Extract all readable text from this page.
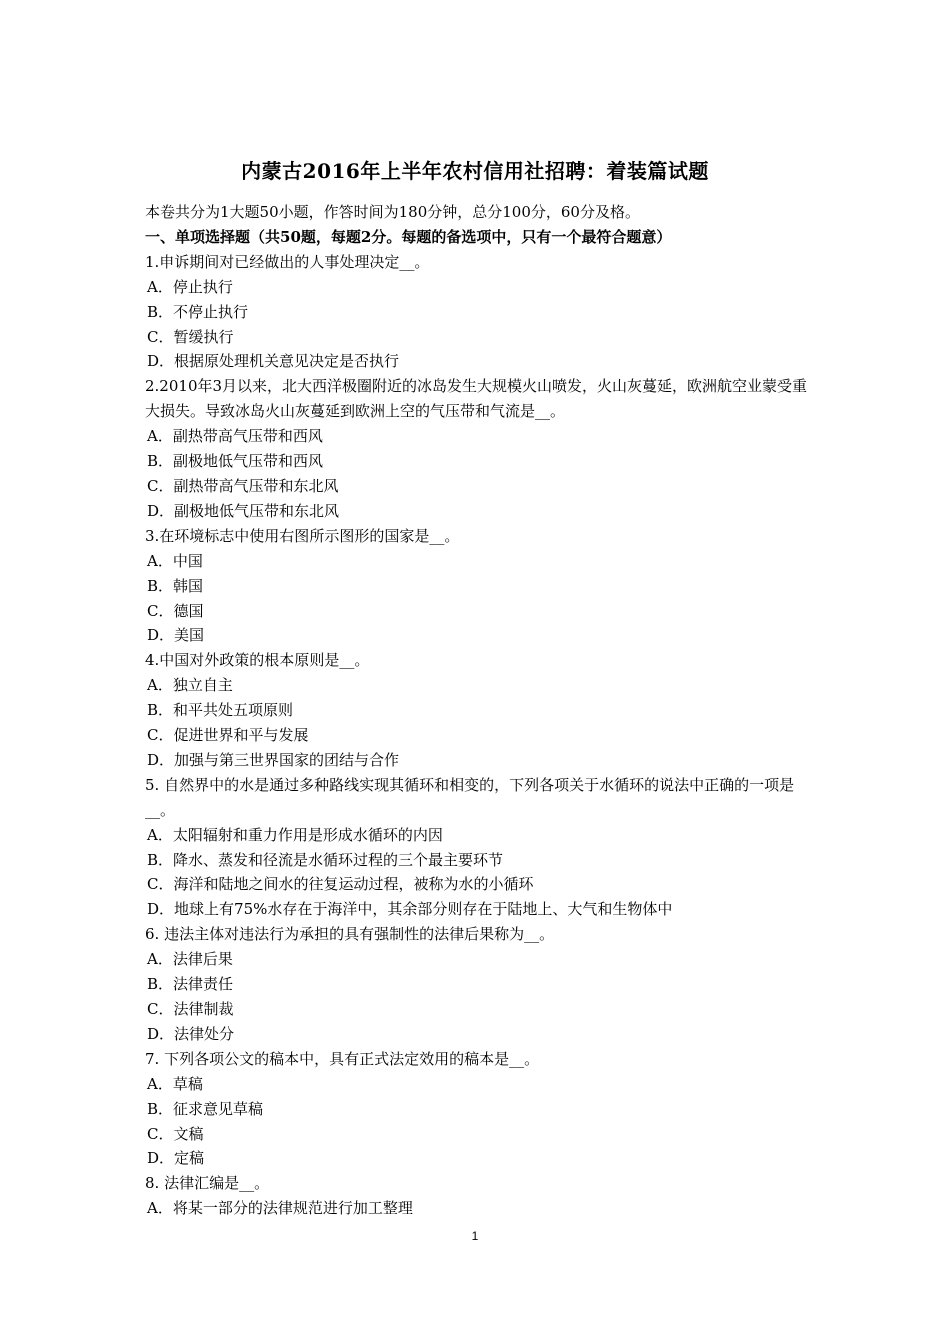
内蒙古2016年上半年农村信用社招聘：着装篇试题
本卷共分为1大题50小题，作答时间为180分钟，总分100分，60分及格。
一、单项选择题（共50题，每题2分。每题的备选项中，只有一个最符合题意）
1.申诉期间对已经做出的人事处理决定__。
A．停止执行
B．不停止执行
C．暂缓执行
D．根据原处理机关意见决定是否执行
2.2010年3月以来，北大西洋极圈附近的冰岛发生大规模火山喷发，火山灰蔓延，欧洲航空业蒙受重大损失。导致冰岛火山灰蔓延到欧洲上空的气压带和气流是__。
A．副热带高气压带和西风
B．副极地低气压带和西风
C．副热带高气压带和东北风
D．副极地低气压带和东北风
3.在环境标志中使用右图所示图形的国家是__。
A．中国
B．韩国
C．德国
D．美国
4.中国对外政策的根本原则是__。
A．独立自主
B．和平共处五项原则
C．促进世界和平与发展
D．加强与第三世界国家的团结与合作
5. 自然界中的水是通过多种路线实现其循环和相变的，下列各项关于水循环的说法中正确的一项是__。
A．太阳辐射和重力作用是形成水循环的内因
B．降水、蒸发和径流是水循环过程的三个最主要环节
C．海洋和陆地之间水的往复运动过程，被称为水的小循环
D．地球上有75%水存在于海洋中，其余部分则存在于陆地上、大气和生物体中
6. 违法主体对违法行为承担的具有强制性的法律后果称为__。
A．法律后果
B．法律责任
C．法律制裁
D．法律处分
7. 下列各项公文的稿本中，具有正式法定效用的稿本是__。
A．草稿
B．征求意见草稿
C．文稿
D．定稿
8. 法律汇编是__。
A．将某一部分的法律规范进行加工整理
1
